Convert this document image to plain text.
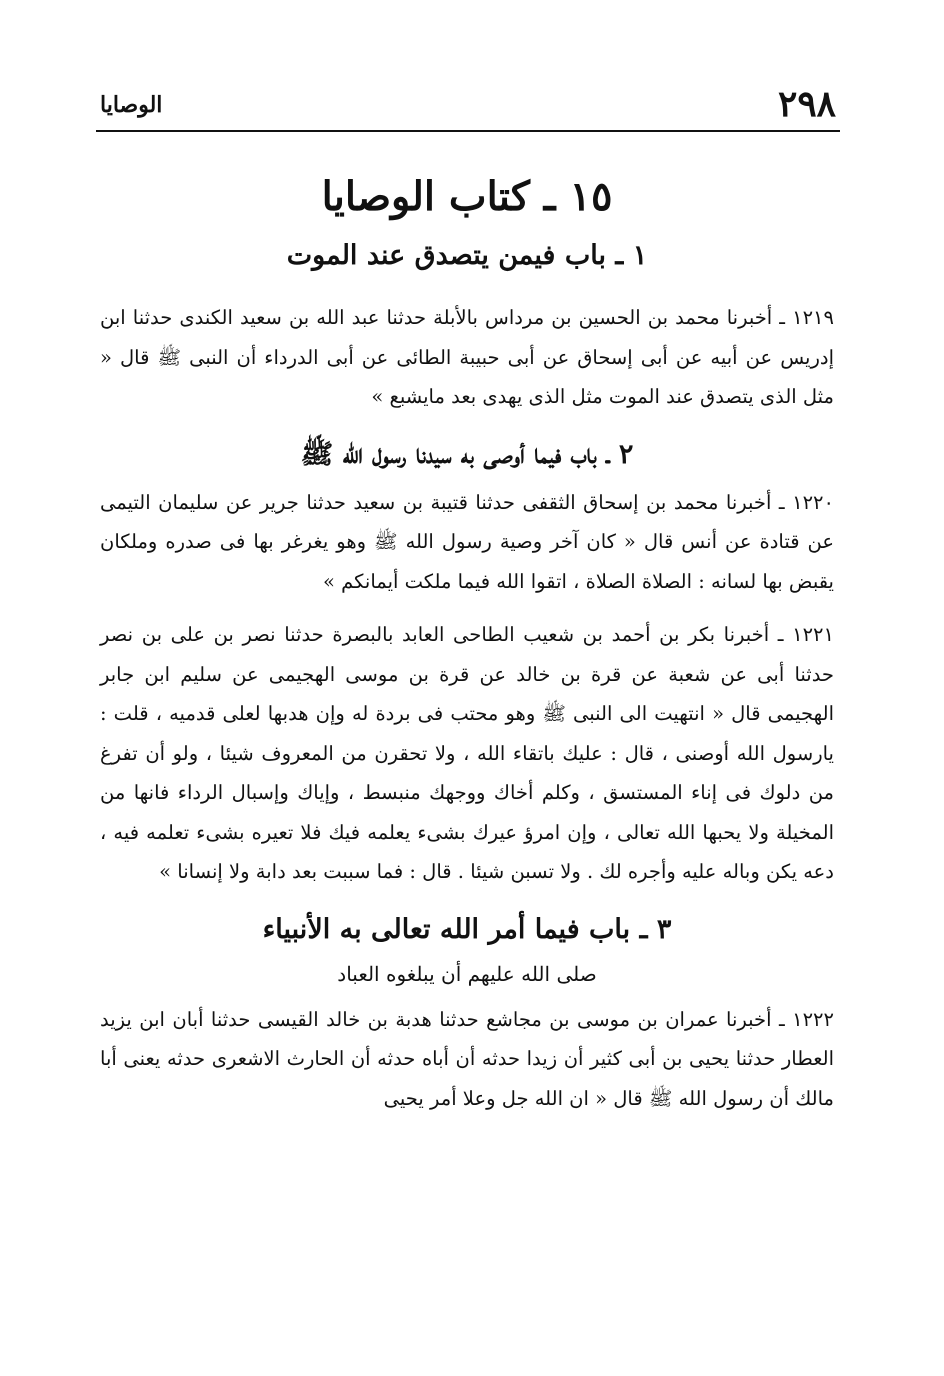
٢٩٨
الوصايا
١٥ ـ كتاب الوصايا
١ ـ باب فيمن يتصدق عند الموت

١٢١٩ ـ أخبرنا محمد بن الحسين بن مرداس بالأبلة حدثنا عبد الله بن سعيد الكندى حدثنا ابن إدريس عن أبيه عن أبى إسحاق عن أبى حبيبة الطائى عن أبى الدرداء أن النبى ﷺ قال « مثل الذى يتصدق عند الموت مثل الذى يهدى بعد مايشبع »

٢ ـ باب فيما أوصى به سيدنا رسول الله ﷺ

١٢٢٠ ـ أخبرنا محمد بن إسحاق الثقفى حدثنا قتيبة بن سعيد حدثنا جرير عن سليمان التيمى عن قتادة عن أنس قال « كان آخر وصية رسول الله ﷺ وهو يغرغر بها فى صدره وملكان يقبض بها لسانه : الصلاة الصلاة ، اتقوا الله فيما ملكت أيمانكم »

١٢٢١ ـ أخبرنا بكر بن أحمد بن شعيب الطاحى العابد بالبصرة حدثنا نصر بن على بن نصر حدثنا أبى عن شعبة عن قرة بن خالد عن قرة بن موسى الهجيمى عن سليم ابن جابر الهجيمى قال « انتهيت الى النبى ﷺ وهو محتب فى بردة له وإن هدبها لعلى قدميه ، قلت : يارسول الله أوصنى ، قال : عليك باتقاء الله ، ولا تحقرن من المعروف شيئا ، ولو أن تفرغ من دلوك فى إناء المستسق ، وكلم أخاك ووجهك منبسط ، وإياك وإسبال الرداء فانها من المخيلة ولا يحبها الله تعالى ، وإن امرؤ عيرك بشىء يعلمه فيك فلا تعيره بشىء تعلمه فيه ، دعه يكن وباله عليه وأجره لك . ولا تسبن شيئا . قال : فما سببت بعد دابة ولا إنسانا »

٣ ـ باب فيما أمر الله تعالى به الأنبياء
صلى الله عليهم أن يبلغوه العباد

١٢٢٢ ـ أخبرنا عمران بن موسى بن مجاشع حدثنا هدبة بن خالد القيسى حدثنا أبان ابن يزيد العطار حدثنا يحيى بن أبى كثير أن زيدا حدثه أن أباه حدثه أن الحارث الاشعرى حدثه يعنى أبا مالك أن رسول الله ﷺ قال « ان الله جل وعلا أمر يحيى
